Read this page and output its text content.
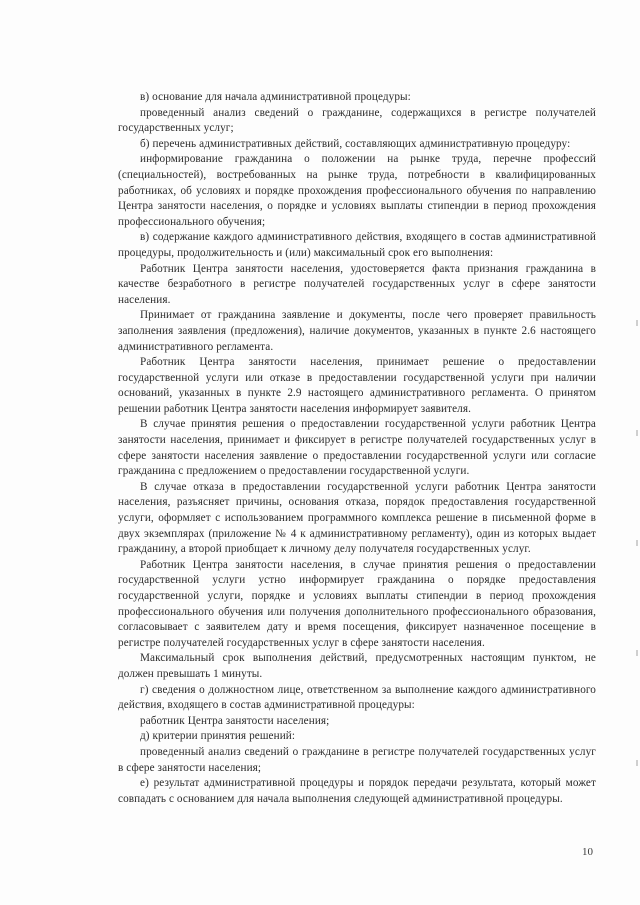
в) основание для начала административной процедуры:

проведенный анализ сведений о гражданине, содержащихся в регистре получателей государственных услуг;

б) перечень административных действий, составляющих административную процедуру:

информирование гражданина о положении на рынке труда, перечне профессий (специальностей), востребованных на рынке труда, потребности в квалифицированных работниках, об условиях и порядке прохождения профессионального обучения по направлению Центра занятости населения, о порядке и условиях выплаты стипендии в период прохождения профессионального обучения;

в) содержание каждого административного действия, входящего в состав административной процедуры, продолжительность и (или) максимальный срок его выполнения:

Работник Центра занятости населения, удостоверяется факта признания гражданина в качестве безработного в регистре получателей государственных услуг в сфере занятости населения.

Принимает от гражданина заявление и документы, после чего проверяет правильность заполнения заявления (предложения), наличие документов, указанных в пункте 2.6 настоящего административного регламента.

Работник Центра занятости населения, принимает решение о предоставлении государственной услуги или отказе в предоставлении государственной услуги при наличии оснований, указанных в пункте 2.9 настоящего административного регламента. О принятом решении работник Центра занятости населения информирует заявителя.

В случае принятия решения о предоставлении государственной услуги работник Центра занятости населения, принимает и фиксирует в регистре получателей государственных услуг в сфере занятости населения заявление о предоставлении государственной услуги или согласие гражданина с предложением о предоставлении государственной услуги.

В случае отказа в предоставлении государственной услуги работник Центра занятости населения, разъясняет причины, основания отказа, порядок предоставления государственной услуги, оформляет с использованием программного комплекса решение в письменной форме в двух экземплярах (приложение № 4 к административному регламенту), один из которых выдает гражданину, а второй приобщает к личному делу получателя государственных услуг.

Работник Центра занятости населения, в случае принятия решения о предоставлении государственной услуги устно информирует гражданина о порядке предоставления государственной услуги, порядке и условиях выплаты стипендии в период прохождения профессионального обучения или получения дополнительного профессионального образования, согласовывает с заявителем дату и время посещения, фиксирует назначенное посещение в регистре получателей государственных услуг в сфере занятости населения.

Максимальный срок выполнения действий, предусмотренных настоящим пунктом, не должен превышать 1 минуты.

г) сведения о должностном лице, ответственном за выполнение каждого административного действия, входящего в состав административной процедуры:

работник Центра занятости населения;

д) критерии принятия решений:

проведенный анализ сведений о гражданине в регистре получателей государственных услуг в сфере занятости населения;

е) результат административной процедуры и порядок передачи результата, который может совпадать с основанием для начала выполнения следующей административной процедуры.

10
